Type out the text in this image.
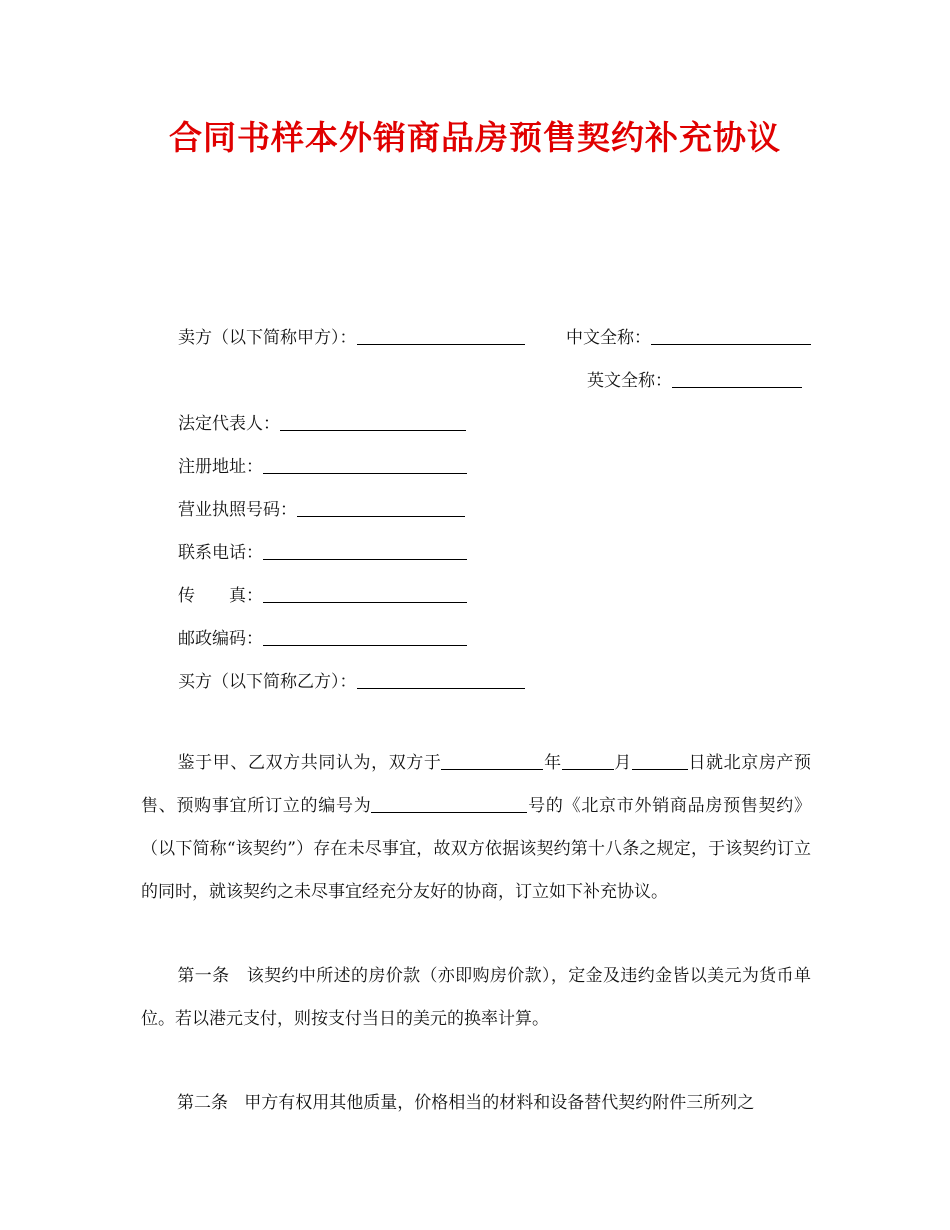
合同书样本外销商品房预售契约补充协议
卖方（以下简称甲方）：	中文全称：
英文全称：
法定代表人：
注册地址：
营业执照号码：
联系电话：
传　　真：
邮政编码：
买方（以下简称乙方）：
鉴于甲、乙双方共同认为，双方于	年	月	日就北京房产预售、预购事宜所订立的编号为	号的《北京市外销商品房预售契约》（以下简称“该契约”）存在未尽事宜，故双方依据该契约第十八条之规定，于该契约订立的同时，就该契约之未尽事宜经充分友好的协商，订立如下补充协议。
第一条 该契约中所述的房价款（亦即购房价款），定金及违约金皆以美元为货币单位。若以港元支付，则按支付当日的美元的换率计算。
第二条 甲方有权用其他质量，价格相当的材料和设备替代契约附件三所列之
